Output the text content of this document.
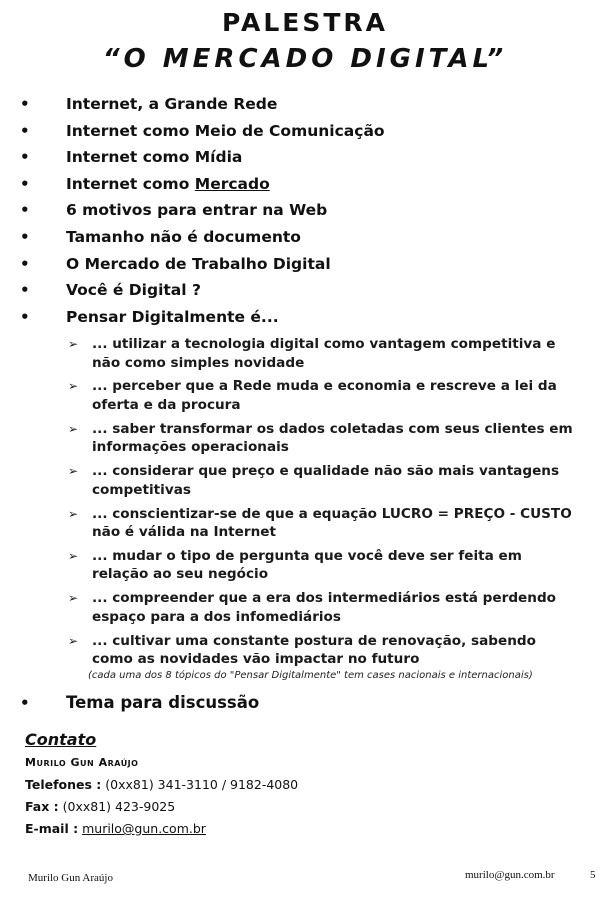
PALESTRA
“O MERCADO DIGITAL”
•	Internet, a Grande Rede
•	Internet como Meio de Comunicação
•	Internet como Mídia
•	Internet como Mercado
•	6 motivos para entrar na Web
•	Tamanho não é documento
•	O Mercado de Trabalho Digital
•	Você é Digital ?
•	Pensar Digitalmente é...
➢	... utilizar a tecnologia digital como vantagem competitiva e
não como simples novidade
➢	... perceber que a Rede muda e economia e rescreve a lei da
oferta e da procura
➢	... saber transformar os dados coletadas com seus clientes em
informações operacionais
➢	... considerar que preço e qualidade não são mais vantagens
competitivas
➢	... conscientizar-se de que a equação LUCRO = PREÇO - CUSTO
não é válida na Internet
➢	... mudar o tipo de pergunta que você deve ser feita em
relação ao seu negócio
➢	... compreender que a era dos intermediários está perdendo
espaço para a dos infomediários
➢	... cultivar uma constante postura de renovação, sabendo
como as novidades vão impactar no futuro
(cada uma dos 8 tópicos do "Pensar Digitalmente" tem cases nacionais e internacionais)
•	Tema para discussão
Contato
Murilo Gun Araújo
Telefones : (0xx81) 341-3110 / 9182-4080
Fax : (0xx81) 423-9025
E-mail : murilo@gun.com.br
Murilo Gun Araújo	murilo@gun.com.br	5
